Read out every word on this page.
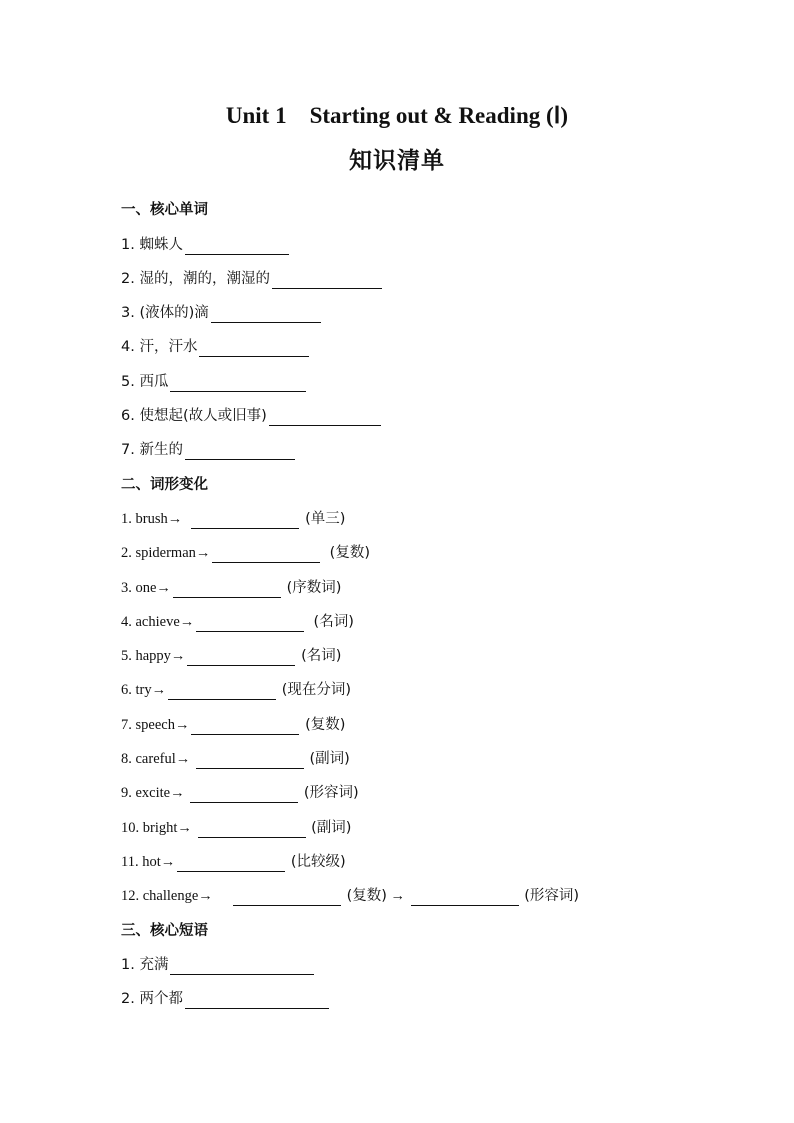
Unit 1    Starting out & Reading (Ⅰ)
知识清单
一、核心单词
1. 蜘蛛人
2. 湿的，潮的，潮湿的
3. (液体的)滴
4. 汗，汗水
5. 西瓜
6. 使想起(故人或旧事)
7. 新生的
二、词形变化
1. brush→

	(单三)
2. spiderman→
	(复数)
3. one→
	(序数词)
4. achieve→
	(名词)
5. happy→
	(名词)
6. try→
	(现在分词)
7. speech→
	(复数)
8. careful→

	(副词)
9. excite→

	(形容词)
10. bright→

	(副词)
11. hot→
	(比较级)
12. challenge→

	(复数)
→

	(形容词)
三、核心短语
1. 充满
2. 两个都
